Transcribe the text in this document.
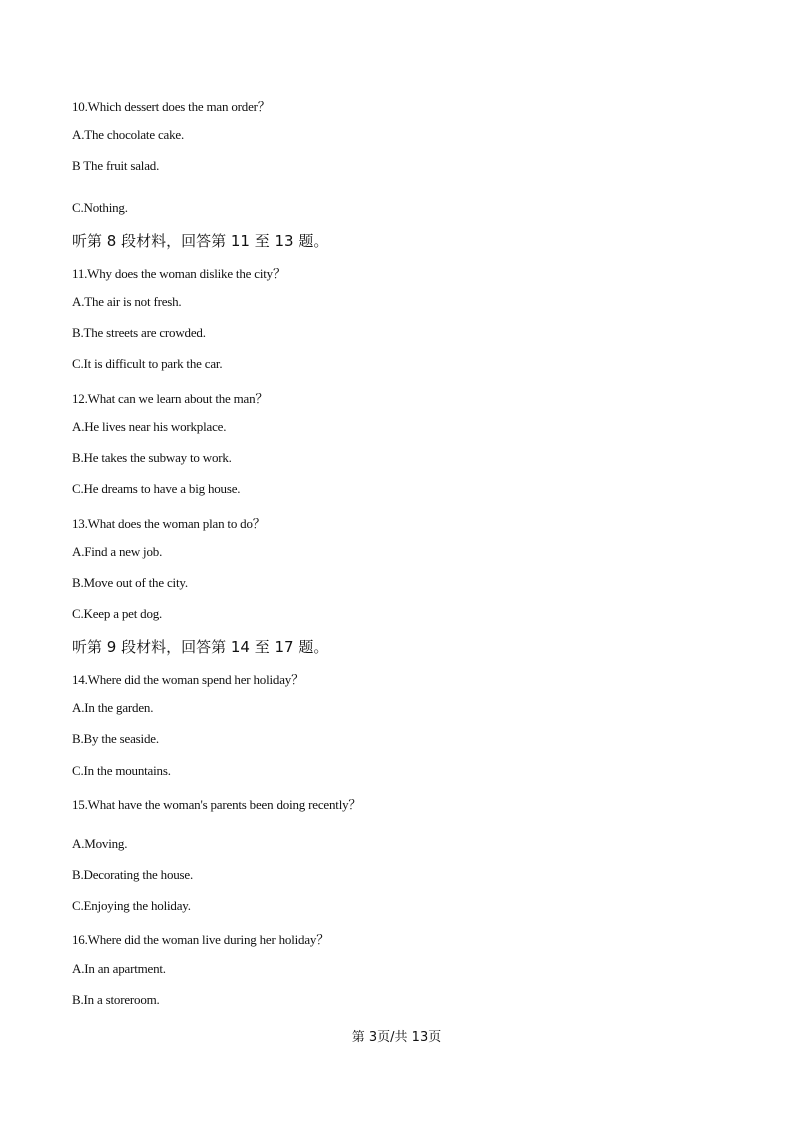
10.Which dessert does the man order？
A.The chocolate cake.
B The fruit salad.
C.Nothing.
听第 8 段材料，回答第 11 至 13 题。
11.Why does the woman dislike the city？
A.The air is not fresh.
B.The streets are crowded.
C.It is difficult to park the car.
12.What can we learn about the man？
A.He lives near his workplace.
B.He takes the subway to work.
C.He dreams to have a big house.
13.What does the woman plan to do？
A.Find a new job.
B.Move out of the city.
C.Keep a pet dog.
听第 9 段材料，回答第 14 至 17 题。
14.Where did the woman spend her holiday？
A.In the garden.
B.By the seaside.
C.In the mountains.
15.What have the woman's parents been doing recently？
A.Moving.
B.Decorating the house.
C.Enjoying the holiday.
16.Where did the woman live during her holiday？
A.In an apartment.
B.In a storeroom.
第 3页/共 13页
